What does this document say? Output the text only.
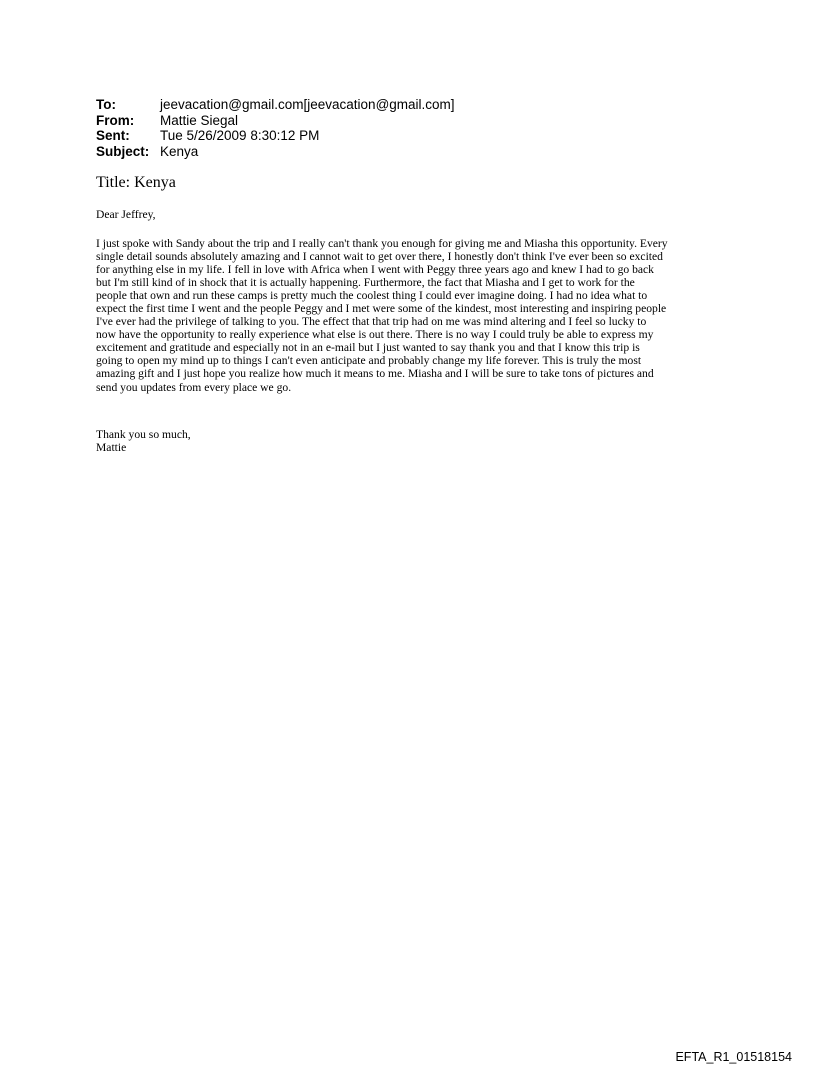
To:	jeevacation@gmail.com[jeevacation@gmail.com]
From:	Mattie Siegal
Sent:	Tue 5/26/2009 8:30:12 PM
Subject:	Kenya
Title: Kenya
Dear Jeffrey,
I just spoke with Sandy about the trip and I really can't thank you enough for giving me and Miasha this opportunity. Every
single detail sounds absolutely amazing and I cannot wait to get over there, I honestly don't think I've ever been so excited
for anything else in my life. I fell in love with Africa when I went with Peggy three years ago and knew I had to go back
but I'm still kind of in shock that it is actually happening. Furthermore, the fact that Miasha and I get to work for the
people that own and run these camps is pretty much the coolest thing I could ever imagine doing. I had no idea what to
expect the first time I went and the people Peggy and I met were some of the kindest, most interesting and inspiring people
I've ever had the privilege of talking to you. The effect that that trip had on me was mind altering and I feel so lucky to
now have the opportunity to really experience what else is out there. There is no way I could truly be able to express my
excitement and gratitude and especially not in an e-mail but I just wanted to say thank you and that I know this trip is
going to open my mind up to things I can't even anticipate and probably change my life forever. This is truly the most
amazing gift and I just hope you realize how much it means to me. Miasha and I will be sure to take tons of pictures and
send you updates from every place we go.
Thank you so much,
Mattie
EFTA_R1_01518154
